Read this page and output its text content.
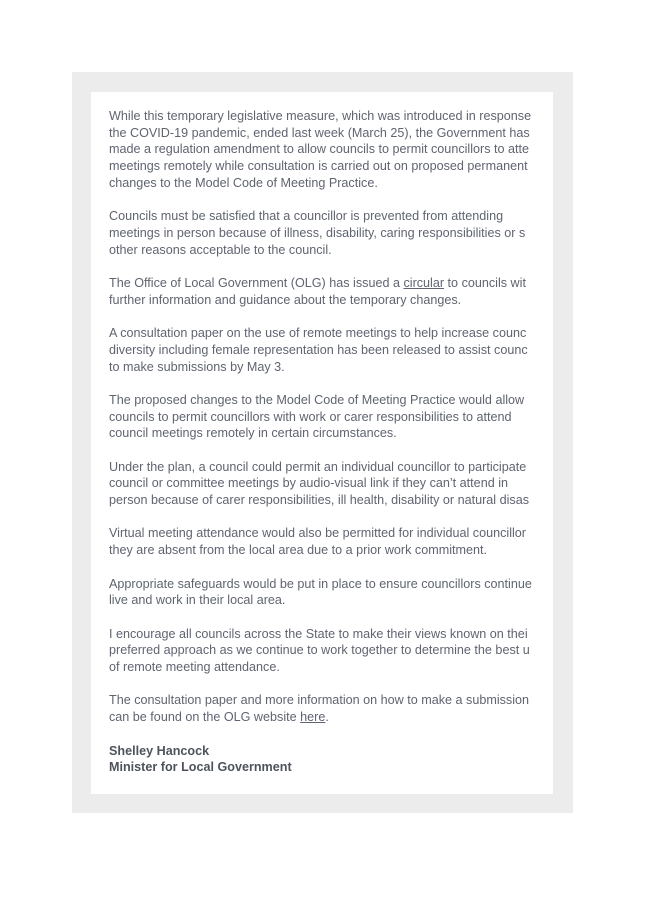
While this temporary legislative measure, which was introduced in response
the COVID-19 pandemic, ended last week (March 25), the Government has
made a regulation amendment to allow councils to permit councillors to atte
meetings remotely while consultation is carried out on proposed permanent
changes to the Model Code of Meeting Practice.

Councils must be satisfied that a councillor is prevented from attending
meetings in person because of illness, disability, caring responsibilities or s
other reasons acceptable to the council.

The Office of Local Government (OLG) has issued a circular to councils wit
further information and guidance about the temporary changes.

A consultation paper on the use of remote meetings to help increase counc
diversity including female representation has been released to assist counc
to make submissions by May 3.

The proposed changes to the Model Code of Meeting Practice would allow
councils to permit councillors with work or carer responsibilities to attend
council meetings remotely in certain circumstances.

Under the plan, a council could permit an individual councillor to participate
council or committee meetings by audio-visual link if they can’t attend in
person because of carer responsibilities, ill health, disability or natural disas

Virtual meeting attendance would also be permitted for individual councillor
they are absent from the local area due to a prior work commitment.

Appropriate safeguards would be put in place to ensure councillors continue
live and work in their local area.

I encourage all councils across the State to make their views known on thei
preferred approach as we continue to work together to determine the best u
of remote meeting attendance.

The consultation paper and more information on how to make a submission
can be found on the OLG website here.

Shelley Hancock
Minister for Local Government
